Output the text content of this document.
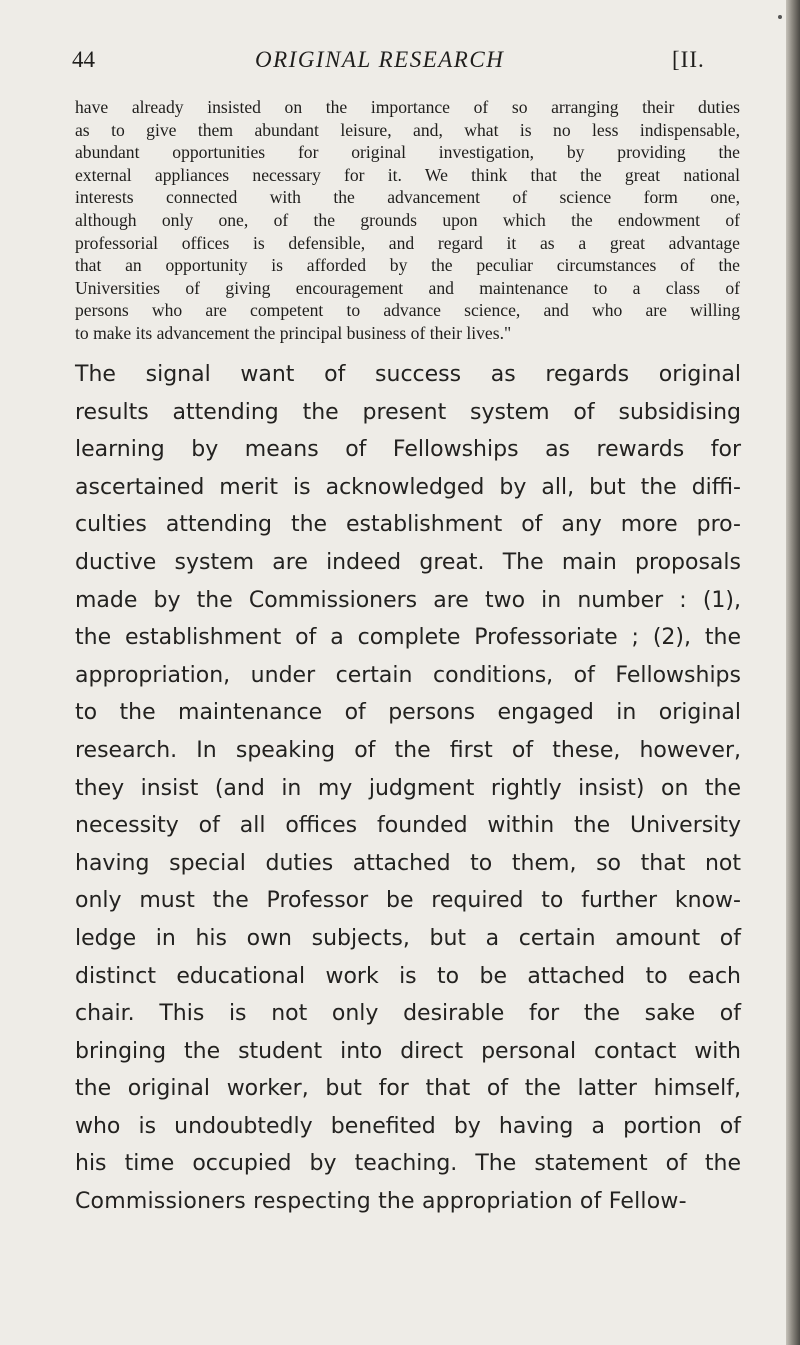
44	ORIGINAL RESEARCH	[II.
have already insisted on the importance of so arranging their duties
as to give them abundant leisure, and, what is no less indispensable,
abundant opportunities for original investigation, by providing the
external appliances necessary for it. We think that the great national
interests connected with the advancement of science form one,
although only one, of the grounds upon which the endowment of
professorial offices is defensible, and regard it as a great advantage
that an opportunity is afforded by the peculiar circumstances of the
Universities of giving encouragement and maintenance to a class of
persons who are competent to advance science, and who are willing
to make its advancement the principal business of their lives."
The signal want of success as regards original
results attending the present system of subsidising
learning by means of Fellowships as rewards for
ascertained merit is acknowledged by all, but the diffi-
culties attending the establishment of any more pro-
ductive system are indeed great. The main proposals
made by the Commissioners are two in number : (1),
the establishment of a complete Professoriate ; (2), the
appropriation, under certain conditions, of Fellowships
to the maintenance of persons engaged in original
research. In speaking of the first of these, however,
they insist (and in my judgment rightly insist) on the
necessity of all offices founded within the University
having special duties attached to them, so that not
only must the Professor be required to further know-
ledge in his own subjects, but a certain amount of
distinct educational work is to be attached to each
chair. This is not only desirable for the sake of
bringing the student into direct personal contact with
the original worker, but for that of the latter himself,
who is undoubtedly benefited by having a portion of
his time occupied by teaching. The statement of the
Commissioners respecting the appropriation of Fellow-
